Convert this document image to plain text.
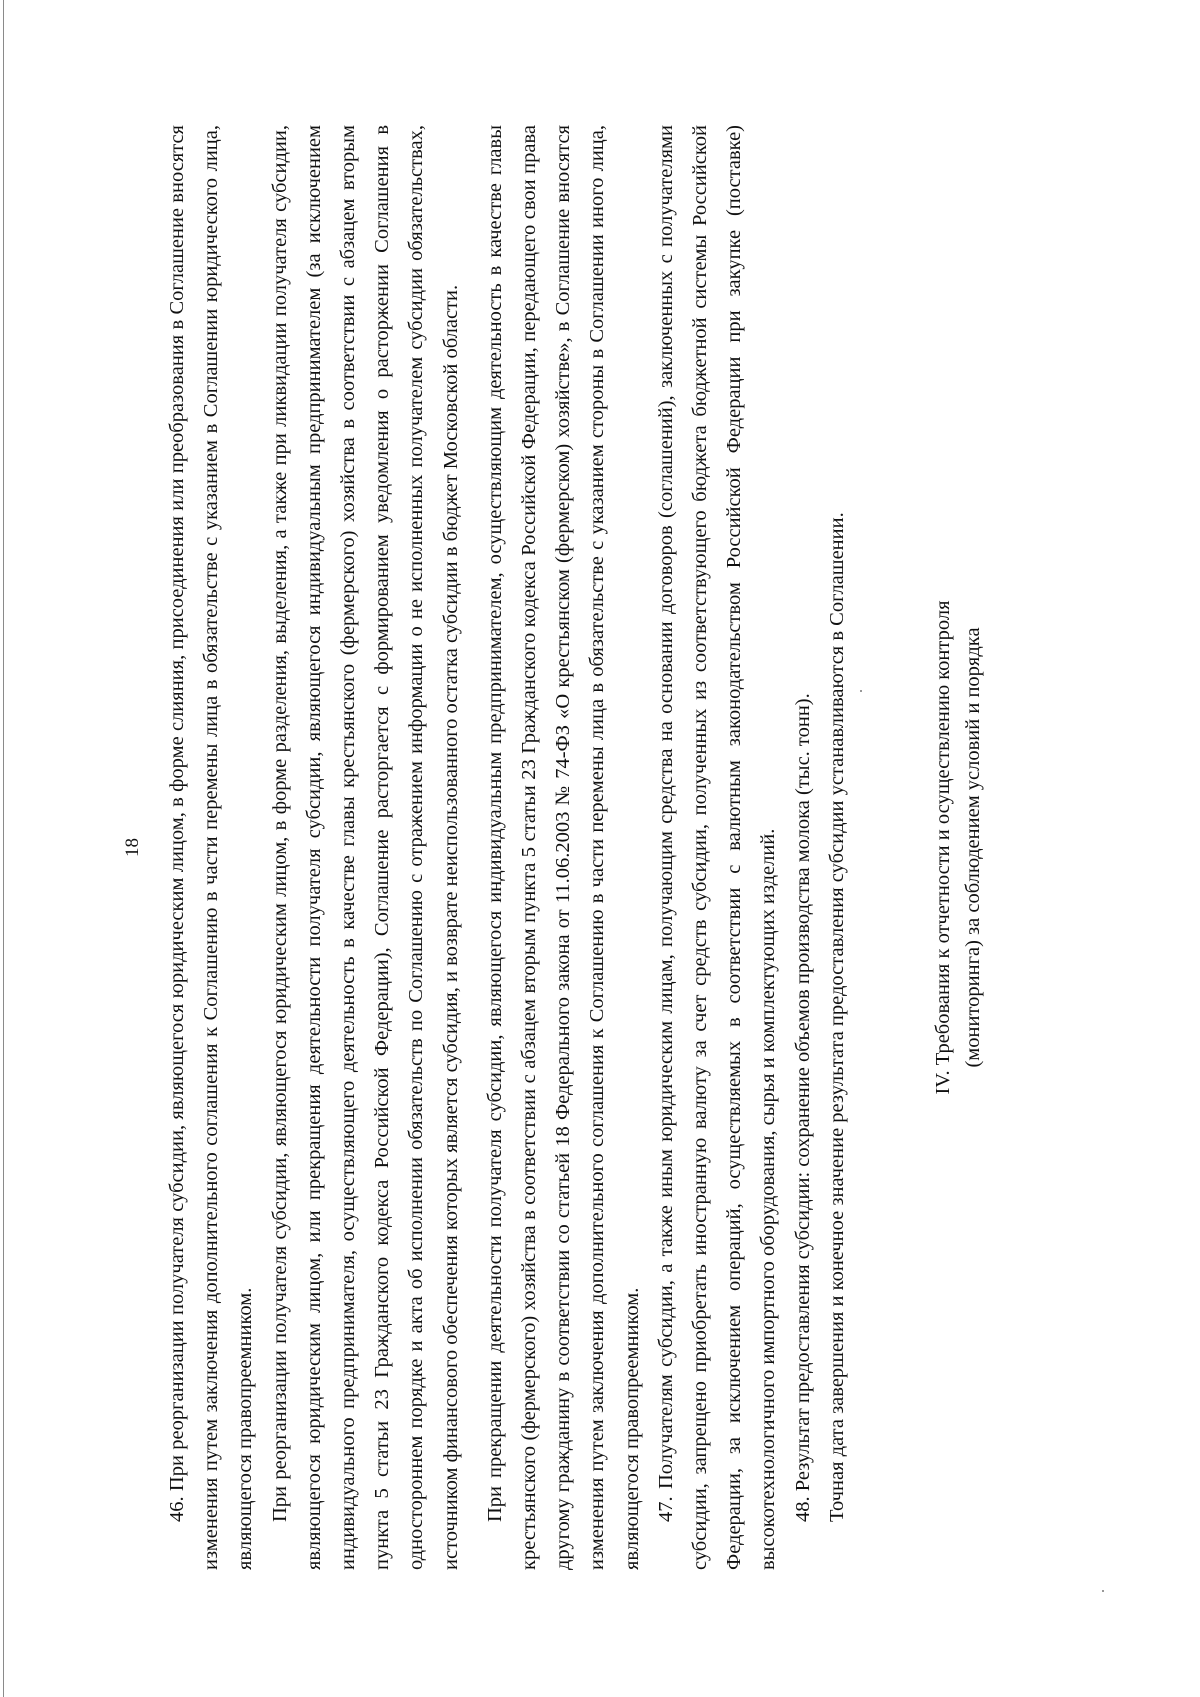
18 46. При реорганизации получателя субсидии, являющегося юридическим лицом, в форме слияния, присоединения или преобразования в Соглашение вносятся изменения путем заключения дополнительного соглашения к Соглашению в части перемены лица в обязательстве с указанием в Соглашении юридического лица, являющегося правопреемником. При реорганизации получателя субсидии, являющегося юридическим лицом, в форме разделения, выделения, а также при ликвидации получателя субсидии, являющегося юридическим лицом, или прекращения деятельности получателя субсидии, являющегося индивидуальным предпринимателем (за исключением индивидуального предпринимателя, осуществляющего деятельность в качестве главы крестьянского (фермерского) хозяйства в соответствии с абзацем вторым пункта 5 статьи 23 Гражданского кодекса Российской Федерации), Соглашение расторгается с формированием уведомления о расторжении Соглашения в одностороннем порядке и акта об исполнении обязательств по Соглашению с отражением информации о не исполненных получателем субсидии обязательствах, источником финансового обеспечения которых является субсидия, и возврате неиспользованного остатка субсидии в бюджет Московской области.	При прекращении деятельности получателя субсидии, являющегося индивидуальным предпринимателем, осуществляющим деятельность в качестве главы крестьянского (фермерского) хозяйства в соответствии с абзацем вторым пункта 5 статьи 23 Гражданского кодекса Российской Федерации, передающего свои права другому гражданину в соответствии со статьей 18 Федерального закона от 11.06.2003 № 74-ФЗ «О крестьянском (фермерском) хозяйстве», в Соглашение вносятся изменения путем заключения дополнительного соглашения к Соглашению в части перемены лица в обязательстве с указанием стороны в Соглашении иного лица, являющегося правопреемником. 47. Получателям субсидии, а также иным юридическим лицам, получающим средства на основании договоров (соглашений), заключенных с получателями субсидии, запрещено приобретать иностранную валюту за счет средств субсидии, полученных из соответствующего бюджета бюджетной системы Российской Федерации, за исключением операций, осуществляемых в соответствии с валютным законодательством Российской Федерации при закупке (поставке) высокотехнологичного импортного оборудования, сырья и комплектующих изделий. 48. Результат предоставления субсидии: сохранение объемов производства молока (тыс. тонн). Точная дата завершения и конечное значение результата предоставления субсидии устанавливаются в Соглашении.	IV. Требования к отчетности и осуществлению контроля (мониторинга) за соблюдением условий и порядка
